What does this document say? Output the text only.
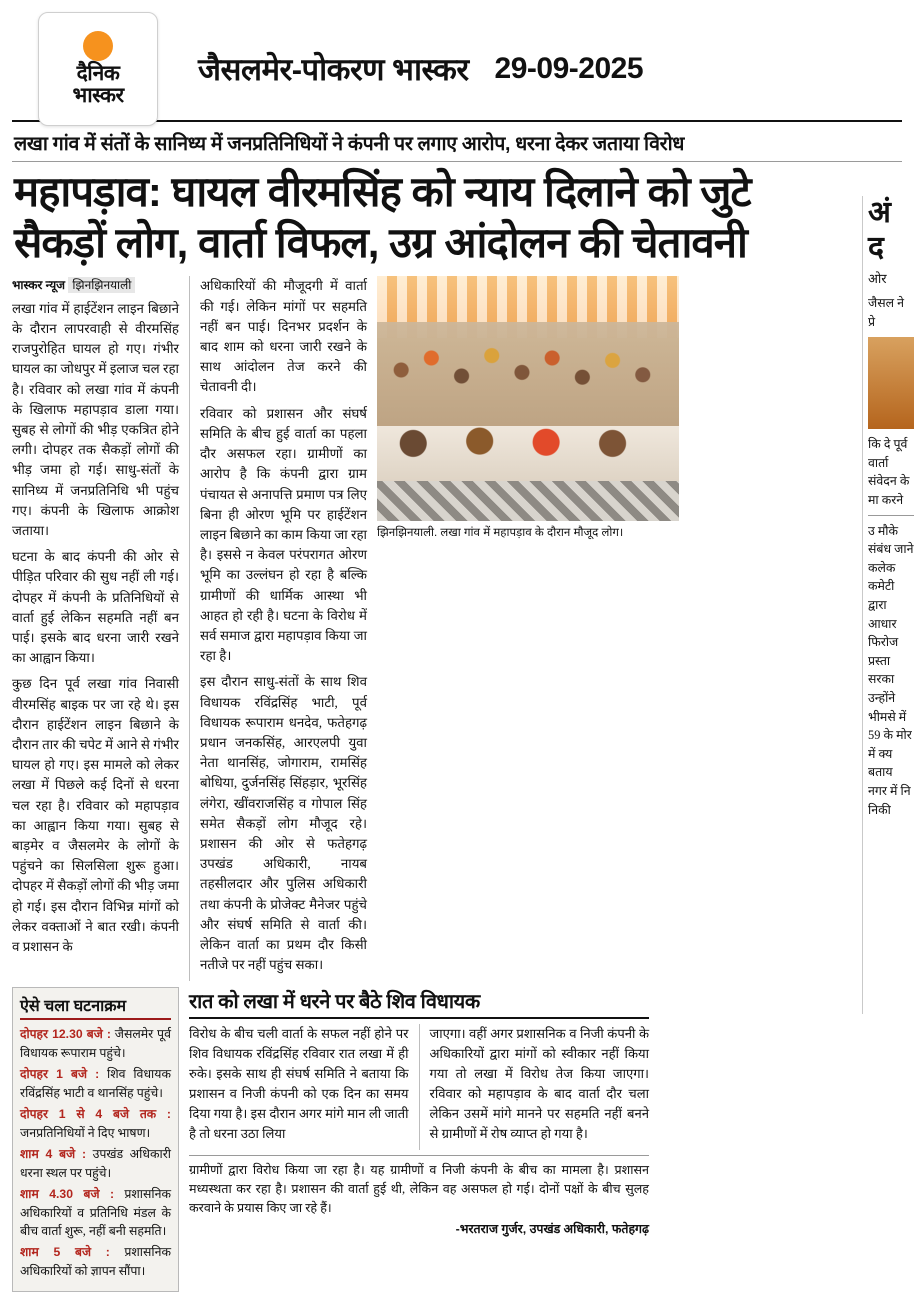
दैनिक
भास्कर
जैसलमेर-पोकरण भास्कर 29-09-2025
लखा गांव में संतों के सानिध्य में जनप्रतिनिधियों ने कंपनी पर लगाए आरोप, धरना देकर जताया विरोध
महापड़ाव: घायल वीरमसिंह को न्याय दिलाने को जुटे
सैकड़ों लोग, वार्ता विफल, उग्र आंदोलन की चेतावनी
भास्कर न्यूज झिनझिनयाली

लखा गांव में हाईटेंशन लाइन बिछाने के दौरान लापरवाही से वीरमसिंह राजपुरोहित घायल हो गए। गंभीर घायल का जोधपुर में इलाज चल रहा है। रविवार को लखा गांव में कंपनी के खिलाफ महापड़ाव डाला गया। सुबह से लोगों की भीड़ एकत्रित होने लगी। दोपहर तक सैकड़ों लोगों की भीड़ जमा हो गई। साधु-संतों के सानिध्य में जनप्रतिनिधि भी पहुंच गए। कंपनी के खिलाफ आक्रोश जताया।

घटना के बाद कंपनी की ओर से पीड़ित परिवार की सुध नहीं ली गई। दोपहर में कंपनी के प्रतिनिधियों से वार्ता हुई लेकिन सहमति नहीं बन पाई। इसके बाद धरना जारी रखने का आह्वान किया।

कुछ दिन पूर्व लखा गांव निवासी वीरमसिंह बाइक पर जा रहे थे। इस दौरान हाईटेंशन लाइन बिछाने के दौरान तार की चपेट में आने से गंभीर घायल हो गए। इस मामले को लेकर लखा में पिछले कई दिनों से धरना चल रहा है। रविवार को महापड़ाव का आह्वान किया गया। सुबह से बाड़मेर व जैसलमेर के लोगों के पहुंचने का सिलसिला शुरू हुआ। दोपहर में सैकड़ों लोगों की भीड़ जमा हो गई। इस दौरान विभिन्न मांगों को लेकर वक्ताओं ने बात रखी। कंपनी व प्रशासन के

अधिकारियों की मौजूदगी में वार्ता की गई। लेकिन मांगों पर सहमति नहीं बन पाई। दिनभर प्रदर्शन के बाद शाम को धरना जारी रखने के साथ आंदोलन तेज करने की चेतावनी दी।

रविवार को प्रशासन और संघर्ष समिति के बीच हुई वार्ता का पहला दौर असफल रहा। ग्रामीणों का आरोप है कि कंपनी द्वारा ग्राम पंचायत से अनापत्ति प्रमाण पत्र लिए बिना ही ओरण भूमि पर हाईटेंशन लाइन बिछाने का काम किया जा रहा है। इससे न केवल परंपरागत ओरण भूमि का उल्लंघन हो रहा है बल्कि ग्रामीणों की धार्मिक आस्था भी आहत हो रही है। घटना के विरोध में सर्व समाज द्वारा महापड़ाव किया जा रहा है।

इस दौरान साधु-संतों के साथ शिव विधायक रविंद्रसिंह भाटी, पूर्व विधायक रूपाराम धनदेव, फतेहगढ़ प्रधान जनकसिंह, आरएलपी युवा नेता थानसिंह, जोगाराम, रामसिंह बोधिया, दुर्जनसिंह सिंहड़ार, भूरसिंह लंगेरा, खींवराजसिंह व गोपाल सिंह समेत सैकड़ों लोग मौजूद रहे। प्रशासन की ओर से फतेहगढ़ उपखंड अधिकारी, नायब तहसीलदार और पुलिस अधिकारी तथा कंपनी के प्रोजेक्ट मैनेजर पहुंचे और संघर्ष समिति से वार्ता की। लेकिन वार्ता का प्रथम दौर किसी नतीजे पर नहीं पहुंच सका।

झिनझिनयाली. लखा गांव में महापड़ाव के दौरान मौजूद लोग।
ऐसे चला घटनाक्रम
दोपहर 12.30 बजे : जैसलमेर पूर्व विधायक रूपाराम पहुंचे।
दोपहर 1 बजे : शिव विधायक रविंद्रसिंह भाटी व थानसिंह पहुंचे।
दोपहर 1 से 4 बजे तक : जनप्रतिनिधियों ने दिए भाषण।
शाम 4 बजे : उपखंड अधिकारी धरना स्थल पर पहुंचे।
शाम 4.30 बजे : प्रशासनिक अधिकारियों व प्रतिनिधि मंडल के बीच वार्ता शुरू, नहीं बनी सहमति।
शाम 5 बजे : प्रशासनिक अधिकारियों को ज्ञापन सौंपा।
रात को लखा में धरने पर बैठे शिव विधायक

विरोध के बीच चली वार्ता के सफल नहीं होने पर शिव विधायक रविंद्रसिंह रविवार रात लखा में ही रुके। इसके साथ ही संघर्ष समिति ने बताया कि प्रशासन व निजी कंपनी को एक दिन का समय दिया गया है। इस दौरान अगर मांगे मान ली जाती है तो धरना उठा लिया

जाएगा। वहीं अगर प्रशासनिक व निजी कंपनी के अधिकारियों द्वारा मांगों को स्वीकार नहीं किया गया तो लखा में विरोध तेज किया जाएगा। रविवार को महापड़ाव के बाद वार्ता दौर चला लेकिन उसमें मांगे मानने पर सहमति नहीं बनने से ग्रामीणों में रोष व्याप्त हो गया है।

ग्रामीणों द्वारा विरोध किया जा रहा है। यह ग्रामीणों व निजी कंपनी के बीच का मामला है। प्रशासन मध्यस्थता कर रहा है। प्रशासन की वार्ता हुई थी, लेकिन वह असफल हो गई। दोनों पक्षों के बीच सुलह करवाने के प्रयास किए जा रहे हैं।
-भरतराज गुर्जर, उपखंड अधिकारी, फतेहगढ़
अं
द
ओर
जैसल ने प्रे
कि दे पूर्व वार्ता संवेदन के मा करने
उ मौके संबंध जाने कलेक कमेटी द्वारा आधार फिरोज प्रस्ता सरका उन्होंने भीमसे में 59 के मोर में क्य बताय नगर में नि निकी
